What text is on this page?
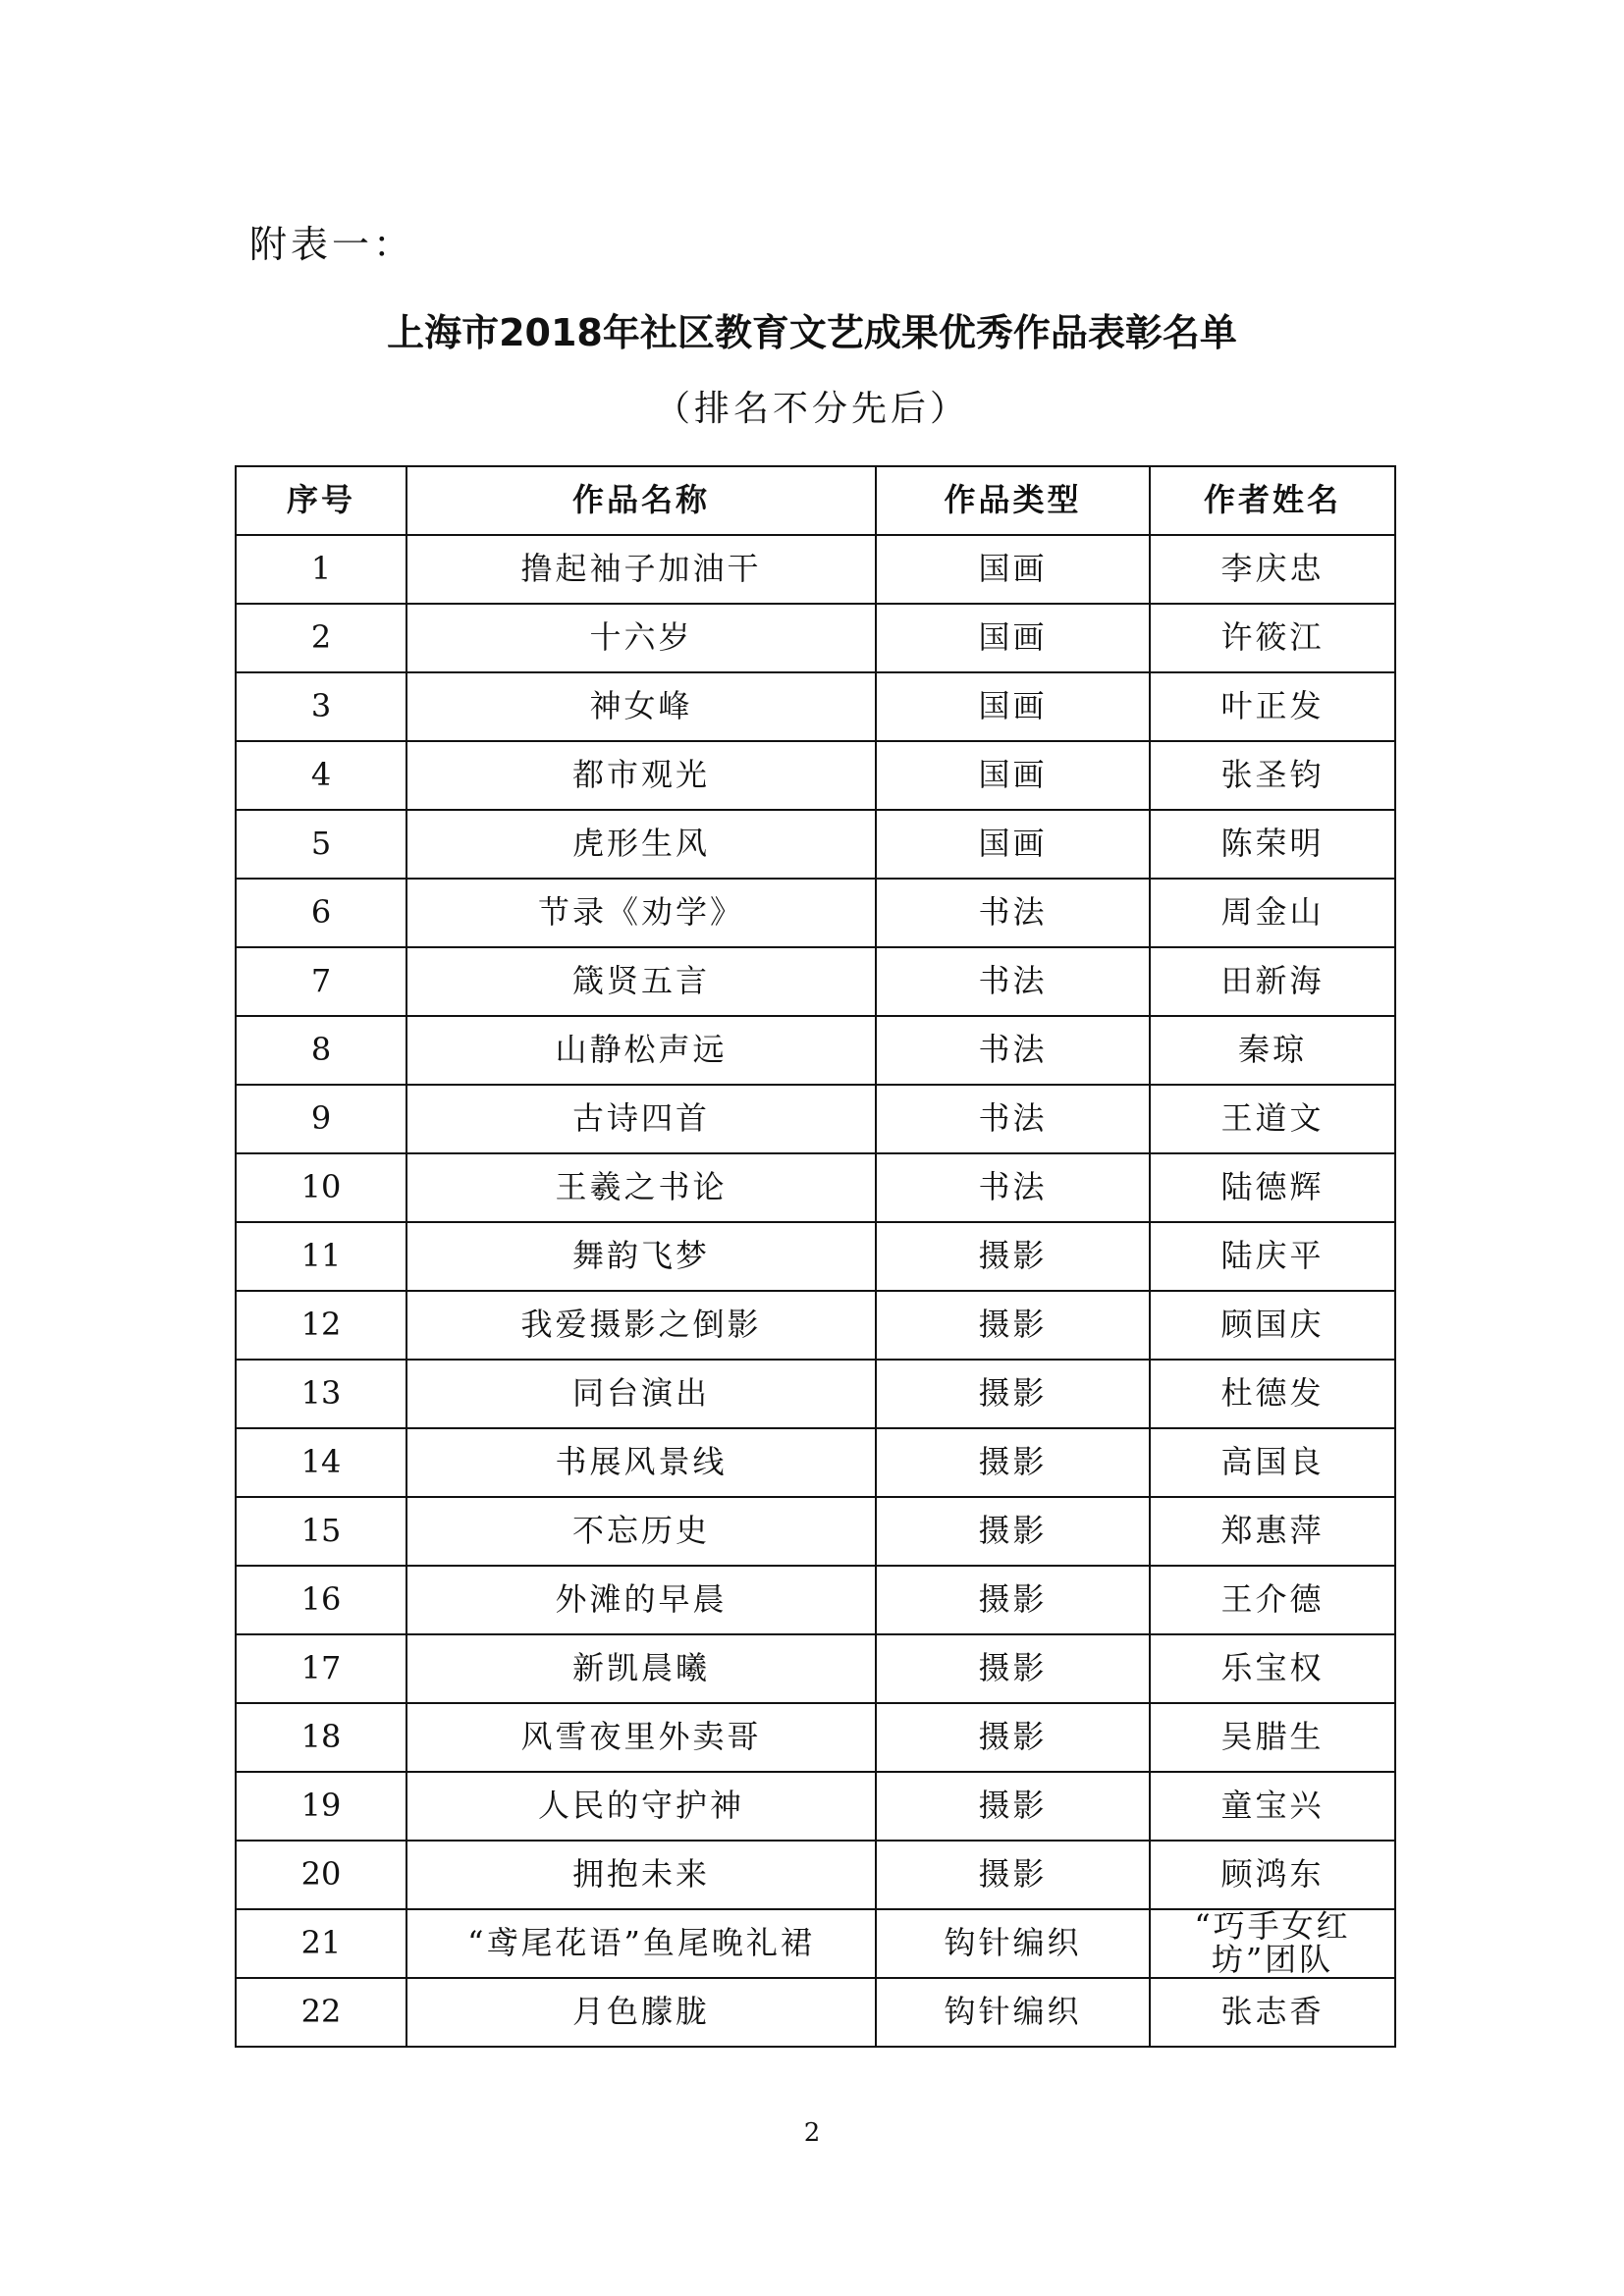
附表一：
上海市2018年社区教育文艺成果优秀作品表彰名单
（排名不分先后）
序号	作品名称	作品类型	作者姓名
1	撸起袖子加油干	国画	李庆忠
2	十六岁	国画	许筱江
3	神女峰	国画	叶正发
4	都市观光	国画	张圣钧
5	虎形生风	国画	陈荣明
6	节录《劝学》	书法	周金山
7	箴贤五言	书法	田新海
8	山静松声远	书法	秦琼
9	古诗四首	书法	王道文
10	王羲之书论	书法	陆德辉
11	舞韵飞梦	摄影	陆庆平
12	我爱摄影之倒影	摄影	顾国庆
13	同台演出	摄影	杜德发
14	书展风景线	摄影	高国良
15	不忘历史	摄影	郑惠萍
16	外滩的早晨	摄影	王介德
17	新凯晨曦	摄影	乐宝权
18	风雪夜里外卖哥	摄影	吴腊生
19	人民的守护神	摄影	童宝兴
20	拥抱未来	摄影	顾鸿东
21	“鸢尾花语”鱼尾晚礼裙	钩针编织	“巧手女红坊”团队
22	月色朦胧	钩针编织	张志香
2
